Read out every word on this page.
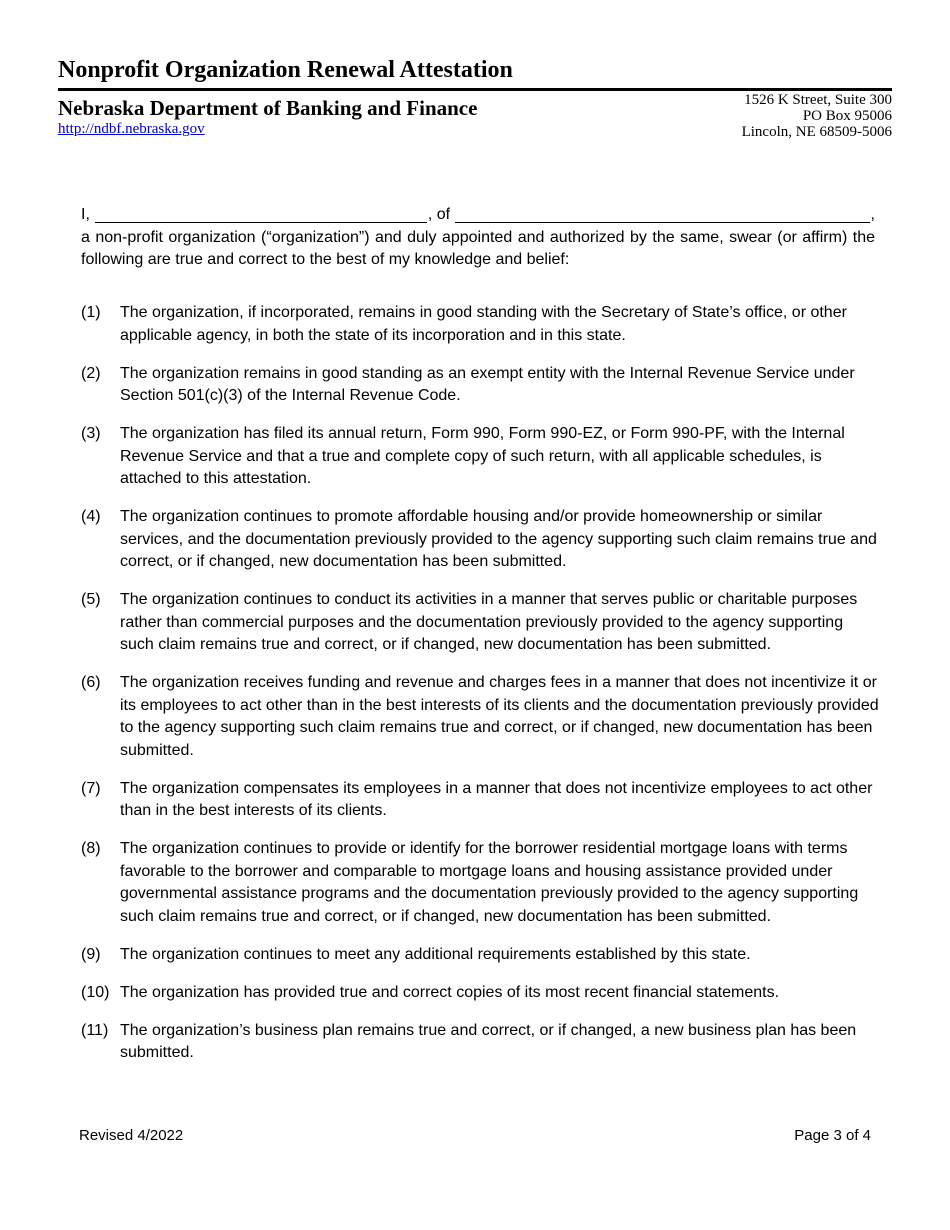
Nonprofit Organization Renewal Attestation
Nebraska Department of Banking and Finance
http://ndbf.nebraska.gov
1526 K Street, Suite 300
PO Box 95006
Lincoln, NE 68509-5006
I,	, of	,
a non-profit organization (“organization”) and duly appointed and authorized by the same, swear (or affirm) the following are true and correct to the best of my knowledge and belief:
(1)	The organization, if incorporated, remains in good standing with the Secretary of State’s office, or other applicable agency, in both the state of its incorporation and in this state.
(2)	The organization remains in good standing as an exempt entity with the Internal Revenue Service under Section 501(c)(3) of the Internal Revenue Code.
(3)	The organization has filed its annual return, Form 990, Form 990-EZ, or Form 990-PF, with the Internal Revenue Service and that a true and complete copy of such return, with all applicable schedules, is attached to this attestation.
(4)	The organization continues to promote affordable housing and/or provide homeownership or similar services, and the documentation previously provided to the agency supporting such claim remains true and correct, or if changed, new documentation has been submitted.
(5)	The organization continues to conduct its activities in a manner that serves public or charitable purposes rather than commercial purposes and the documentation previously provided to the agency supporting such claim remains true and correct, or if changed, new documentation has been submitted.
(6)	The organization receives funding and revenue and charges fees in a manner that does not incentivize it or its employees to act other than in the best interests of its clients and the documentation previously provided to the agency supporting such claim remains true and correct, or if changed, new documentation has been submitted.
(7)	The organization compensates its employees in a manner that does not incentivize employees to act other than in the best interests of its clients.
(8)	The organization continues to provide or identify for the borrower residential mortgage loans with terms favorable to the borrower and comparable to mortgage loans and housing assistance provided under governmental assistance programs and the documentation previously provided to the agency supporting such claim remains true and correct, or if changed, new documentation has been submitted.
(9)	The organization continues to meet any additional requirements established by this state.
(10) The organization has provided true and correct copies of its most recent financial statements.
(11) The organization’s business plan remains true and correct, or if changed, a new business plan has been submitted.
Revised 4/2022	Page 3 of 4
